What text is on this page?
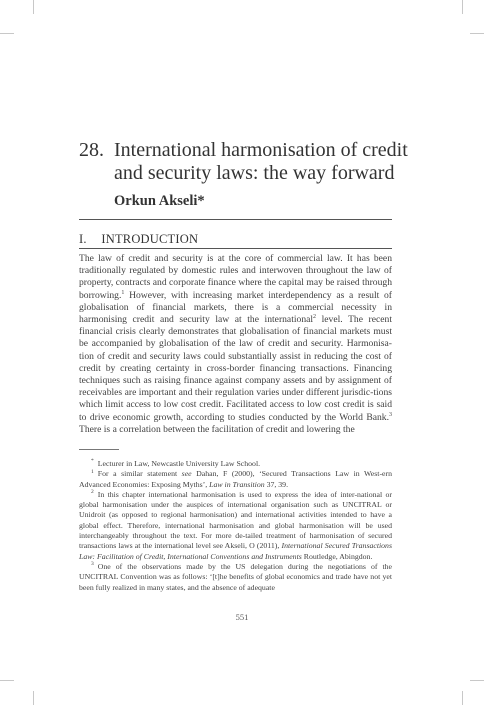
28. International harmonisation of credit
and security laws: the way forward
Orkun Akseli*
I. INTRODUCTION

The law of credit and security is at the core of commercial law. It has been traditionally regulated by domestic rules and interwoven throughout the law of property, contracts and corporate finance where the capital may be raised through borrowing.$^1$ However, with increasing market interdependency as a result of globalisation of financial markets, there is a commercial necessity in harmonising credit and security law at the international$^2$ level. The recent financial crisis clearly demonstrates that globalisation of financial markets must be accompanied by globalisation of the law of credit and security. Harmonisa-tion of credit and security laws could substantially assist in reducing the cost of credit by creating certainty in cross-border financing transactions. Financing techniques such as raising finance against company assets and by assignment of receivables are important and their regulation varies under different jurisdic-tions which limit access to low cost credit. Facilitated access to low cost credit is said to drive economic growth, according to studies conducted by the World Bank.$^3$ There is a correlation between the facilitation of credit and lowering the

* Lecturer in Law, Newcastle University Law School.

$^1$ For a similar statement see Dahan, F (2000), ‘Secured Transactions Law in West-ern Advanced Economies: Exposing Myths’, Law in Transition 37, 39.

$^2$ In this chapter international harmonisation is used to express the idea of inter-national or global harmonisation under the auspices of international organisation such as UNCITRAL or Unidroit (as opposed to regional harmonisation) and international activities intended to have a global effect. Therefore, international harmonisation and global harmonisation will be used interchangeably throughout the text. For more de-tailed treatment of harmonisation of secured transactions laws at the international level see Akseli, O (2011), International Secured Transactions Law: Facilitation of Credit, International Conventions and Instruments Routledge, Abingdon.

$^3$ One of the observations made by the US delegation during the negotiations of the UNCITRAL Convention was as follows: ‘[t]he benefits of global economics and trade have not yet been fully realized in many states, and the absence of adequate

551
